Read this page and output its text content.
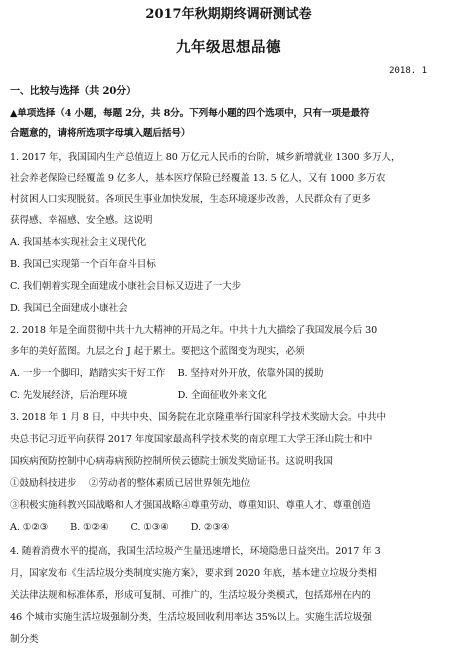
2017年秋期期终调研测试卷
九年级思想品德
2018. 1
一、比较与选择（共 20分）
▲单项选择（4 小题，每题 2分，共 8分。下列每小题的四个选项中，只有一项是最符
合题意的，请将所选项字母填入题后括号）
1. 2017 年，我国国内生产总值迈上 80 万亿元人民币的台阶，城乡新增就业 1300 多万人，
社会养老保险已经覆盖 9 亿多人，基本医疗保险已经覆盖 13. 5 亿人，又有 1000 多万农
村贫困人口实现脱贫。各项民生事业加快发展，生态环境逐步改善，人民群众有了更多
获得感、幸福感、安全感。这说明
A. 我国基本实现社会主义现代化
B. 我国已实现第一个百年奋斗目标
C. 我们朝着实现全面建成小康社会目标又迈进了一大步
D. 我国已全面建成小康社会
2. 2018 年是全面贯彻中共十九大精神的开局之年。中共十九大描绘了我国发展今后 30
多年的美好蓝图。九层之台 J 起于累土。要把这个蓝图变为现实，必须
A. 一步一个脚印，踏踏实实干好工作　 B. 坚持对外开放，依靠外国的援助
C. 先发展经济，后治理环境　　　　　 D. 全面征收外来文化
3. 2018 年 1 月 8 日，中共中央、国务院在北京隆重举行国家科学技术奖励大会。中共中
央总书记习近平向获得 2017 年度国家最高科学技术奖的南京理工大学王泽山院士和中
国疾病预防控制中心病毒病预防控制所侯云德院士颁发奖励证书。这说明我国
①鼓励科技进步　 ②劳动者的整体素质已居世界领先地位
③积极实施科教兴国战略和人才强国战略④尊重劳动、尊重知识、尊重人才、尊重创造
A. ①②③　　 B. ①②④　　 C. ①③④　　 D. ②③④
4. 随着消费水平的提高，我国生活垃圾产生量迅速增长，环境隐患日益突出。2017 年 3
月，国家发布《生活垃圾分类制度实施方案》，要求到 2020 年底，基本建立垃圾分类相
关法律法规和标准体系，形成可复制、可推广的，生活垃圾分类模式，包括郑州在内的
46 个城市实施生活垃圾强制分类，生活垃圾回收利用率达 35%以上。实施生活垃圾强
制分类
